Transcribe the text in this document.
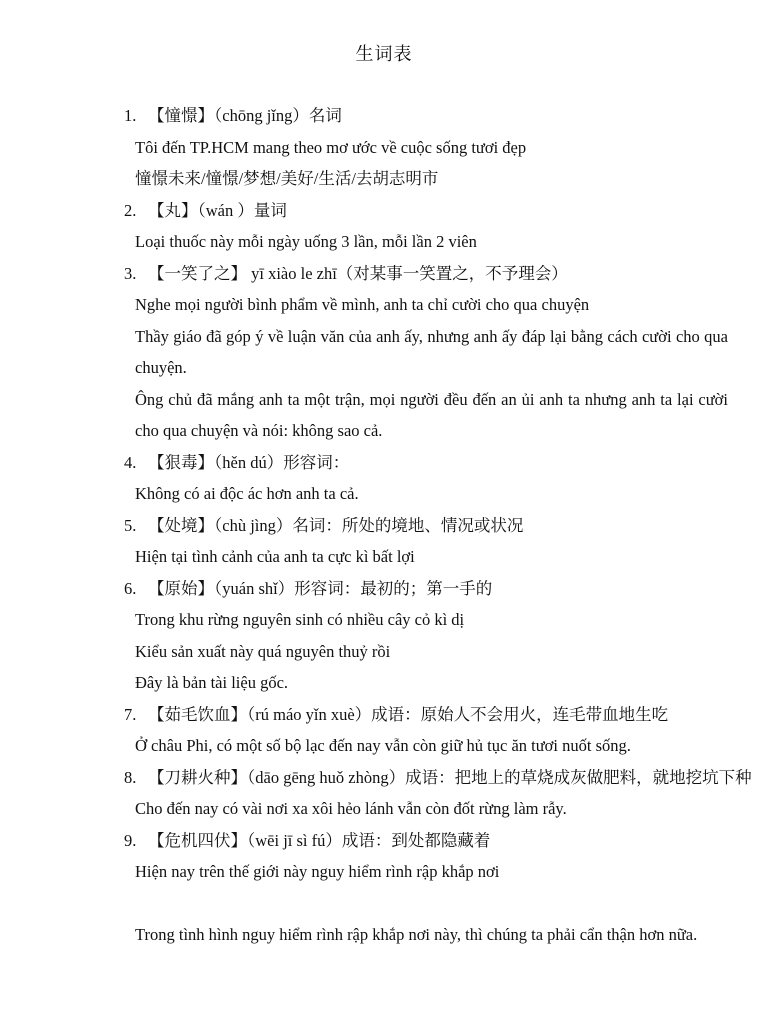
生词表
1. 【憧憬】（chōng jǐng）名词
Tôi đến TP.HCM mang theo mơ ước về cuộc sống tươi đẹp
憧憬未来/憧憬/梦想/美好/生活/去胡志明市
2. 【丸】（wán ）量词
Loại thuốc này mỗi ngày uống 3 lần, mỗi lần 2 viên
3. 【一笑了之】 yī xiào le zhī（对某事一笑置之，不予理会）
Nghe mọi người bình phẩm về mình, anh ta chỉ cười cho qua chuyện
Thầy giáo đã góp ý về luận văn của anh ấy, nhưng anh ấy đáp lại bằng cách cười cho qua chuyện.
Ông chủ đã mắng anh ta một trận, mọi người đều đến an ủi anh ta nhưng anh ta lại cười cho qua chuyện và nói: không sao cả.
4. 【狠毒】（hěn dú）形容词：
Không có ai độc ác hơn anh ta cả.
5. 【处境】（chù jìng）名词：所处的境地、情况或状况
Hiện tại tình cảnh của anh ta cực kì bất lợi
6. 【原始】（yuán shǐ）形容词：最初的；第一手的
Trong khu rừng nguyên sinh có nhiều cây cỏ kì dị
Kiểu sản xuất này quá nguyên thuỷ rồi
Đây là bản tài liệu gốc.
7. 【茹毛饮血】（rú máo yǐn xuè）成语：原始人不会用火，连毛带血地生吃
Ở châu Phi, có một số bộ lạc đến nay vẫn còn giữ hủ tục ăn tươi nuốt sống.
8. 【刀耕火种】（dāo gēng huǒ zhòng）成语：把地上的草烧成灰做肥料，就地挖坑下种
Cho đến nay có vài nơi xa xôi hẻo lánh vẫn còn đốt rừng làm rẫy.
9. 【危机四伏】（wēi jī sì fú）成语：到处都隐藏着
Hiện nay trên thế giới này nguy hiểm rình rập khắp nơi
Trong tình hình nguy hiểm rình rập khắp nơi này, thì chúng ta phải cẩn thận hơn nữa.
